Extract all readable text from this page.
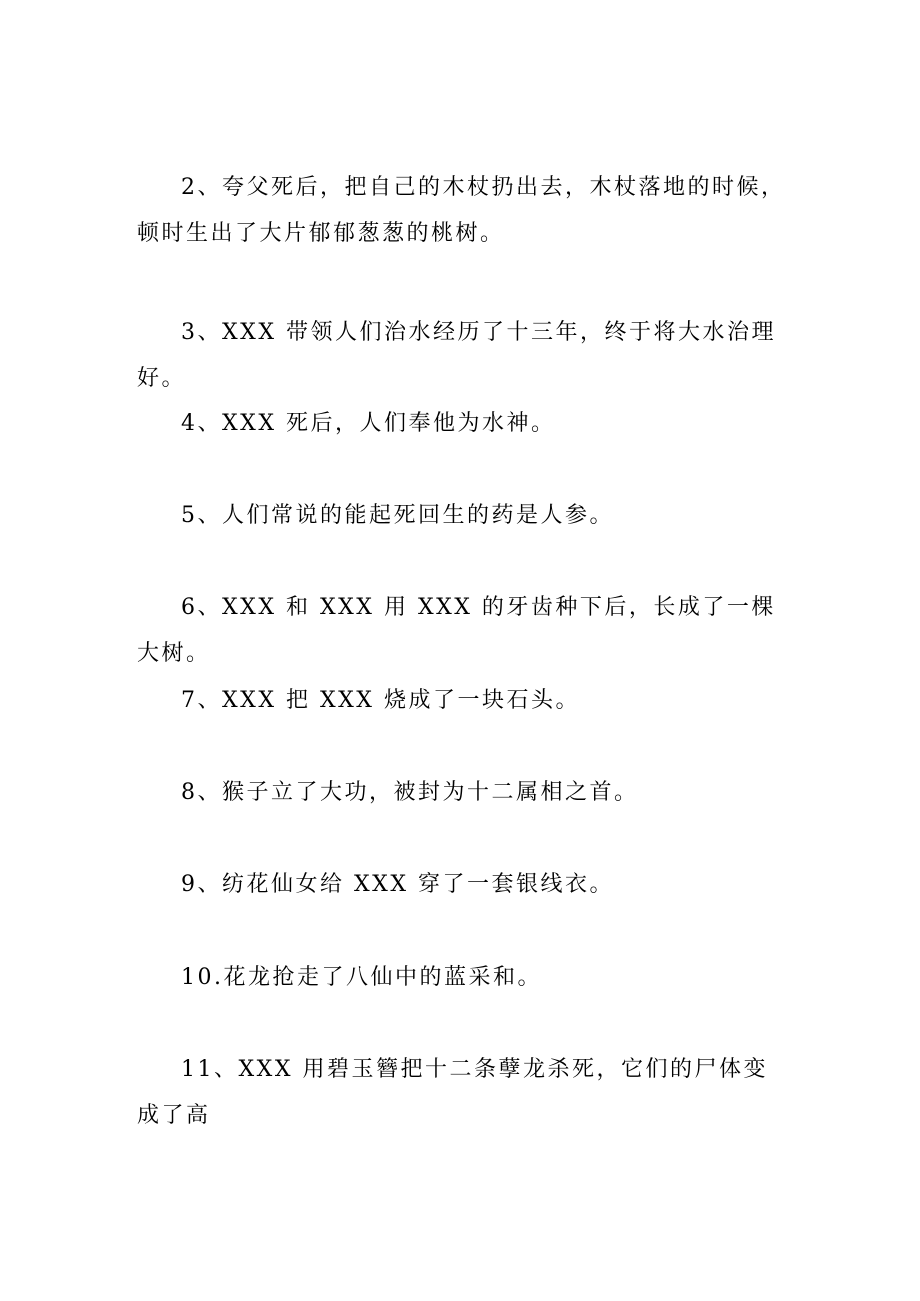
2、夸父死后，把自己的木杖扔出去，木杖落地的时候，顿时生出了大片郁郁葱葱的桃树。

3、XXX 带领人们治水经历了十三年，终于将大水治理好。

4、XXX 死后，人们奉他为水神。

5、人们常说的能起死回生的药是人参。

6、XXX 和 XXX 用 XXX 的牙齿种下后，长成了一棵大树。

7、XXX 把 XXX 烧成了一块石头。

8、猴子立了大功，被封为十二属相之首。

9、纺花仙女给 XXX 穿了一套银线衣。

10.花龙抢走了八仙中的蓝采和。

11、XXX 用碧玉簪把十二条孽龙杀死，它们的尸体变成了高
